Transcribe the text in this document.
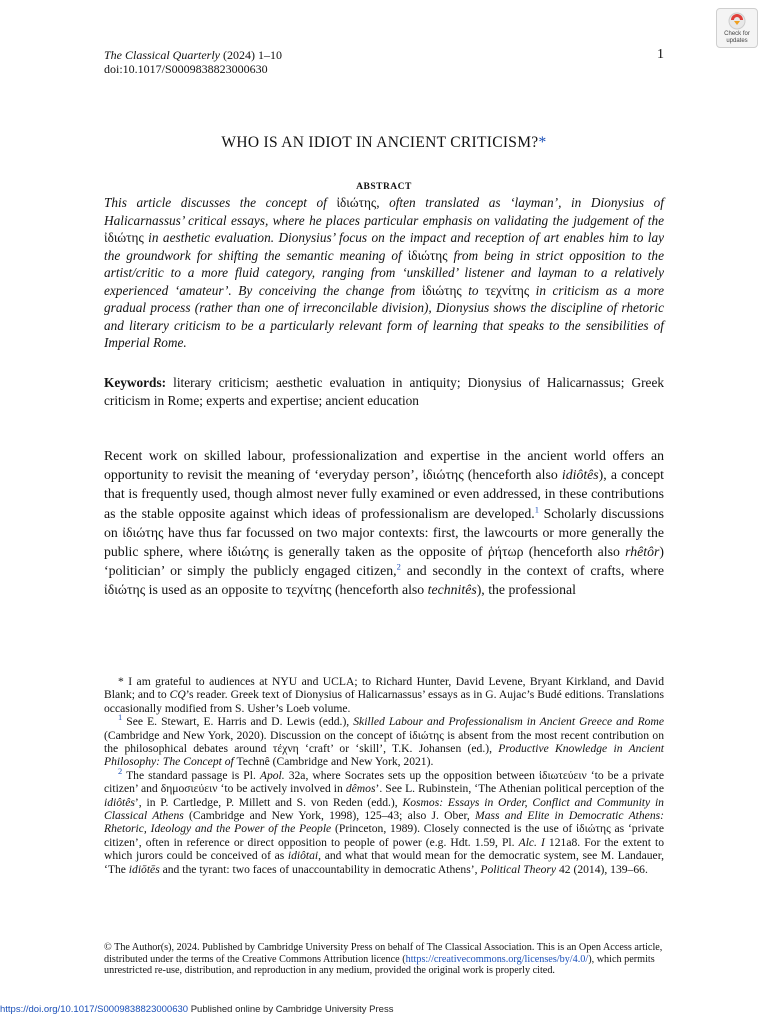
Check for
updates
The Classical Quarterly (2024) 1–10
doi:10.1017/S0009838823000630
1
WHO IS AN IDIOT IN ANCIENT CRITICISM?*
ABSTRACT

This article discusses the concept of ἰδιώτης, often translated as ‘layman’, in Dionysius of Halicarnassus’ critical essays, where he places particular emphasis on validating the judgement of the ἰδιώτης in aesthetic evaluation. Dionysius’ focus on the impact and reception of art enables him to lay the groundwork for shifting the semantic meaning of ἰδιώτης from being in strict opposition to the artist/critic to a more fluid category, ranging from ‘unskilled’ listener and layman to a relatively experienced ‘amateur’. By conceiving the change from ἰδιώτης to τεχνίτης in criticism as a more gradual process (rather than one of irreconcilable division), Dionysius shows the discipline of rhetoric and literary criticism to be a particularly relevant form of learning that speaks to the sensibilities of Imperial Rome.

Keywords: literary criticism; aesthetic evaluation in antiquity; Dionysius of Halicarnassus; Greek criticism in Rome; experts and expertise; ancient education

Recent work on skilled labour, professionalization and expertise in the ancient world offers an opportunity to revisit the meaning of ‘everyday person’, ἰδιώτης (henceforth also idiôtês), a concept that is frequently used, though almost never fully examined or even addressed, in these contributions as the stable opposite against which ideas of professionalism are developed.$^1$ Scholarly discussions on ἰδιώτης have thus far focussed on two major contexts: first, the lawcourts or more generally the public sphere, where ἰδιώτης is generally taken as the opposite of ῥήτωρ (henceforth also rhêtôr) ‘politician’ or simply the publicly engaged citizen,$^2$ and secondly in the context of crafts, where ἰδιώτης is used as an opposite to τεχνίτης (henceforth also technitês), the professional

* I am grateful to audiences at NYU and UCLA; to Richard Hunter, David Levene, Bryant Kirkland, and David Blank; and to CQ’s reader. Greek text of Dionysius of Halicarnassus’ essays as in G. Aujac’s Budé editions. Translations occasionally modified from S. Usher’s Loeb volume.

$^1$ See E. Stewart, E. Harris and D. Lewis (edd.), Skilled Labour and Professionalism in Ancient Greece and Rome (Cambridge and New York, 2020). Discussion on the concept of ἰδιώτης is absent from the most recent contribution on the philosophical debates around τέχνη ‘craft’ or ‘skill’, T.K. Johansen (ed.), Productive Knowledge in Ancient Philosophy: The Concept of Technê (Cambridge and New York, 2021).

$^2$ The standard passage is Pl. Apol. 32a, where Socrates sets up the opposition between ἰδιωτεύειν ‘to be a private citizen’ and δημοσιεύειν ‘to be actively involved in dêmos’. See L. Rubinstein, ‘The Athenian political perception of the idiôtês’, in P. Cartledge, P. Millett and S. von Reden (edd.), Kosmos: Essays in Order, Conflict and Community in Classical Athens (Cambridge and New York, 1998), 125–43; also J. Ober, Mass and Elite in Democratic Athens: Rhetoric, Ideology and the Power of the People (Princeton, 1989). Closely connected is the use of ἰδιώτης as ‘private citizen’, often in reference or direct opposition to people of power (e.g. Hdt. 1.59, Pl. Alc. I 121a8. For the extent to which jurors could be conceived of as idiôtai, and what that would mean for the democratic system, see M. Landauer, ‘The idiōtēs and the tyrant: two faces of unaccountability in democratic Athens’, Political Theory 42 (2014), 139–66.

© The Author(s), 2024. Published by Cambridge University Press on behalf of The Classical Association. This is an Open Access article, distributed under the terms of the Creative Commons Attribution licence (https://creativecommons.org/licenses/by/4.0/), which permits unrestricted re-use, distribution, and reproduction in any medium, provided the original work is properly cited.

https://doi.org/10.1017/S0009838823000630 Published online by Cambridge University Press
